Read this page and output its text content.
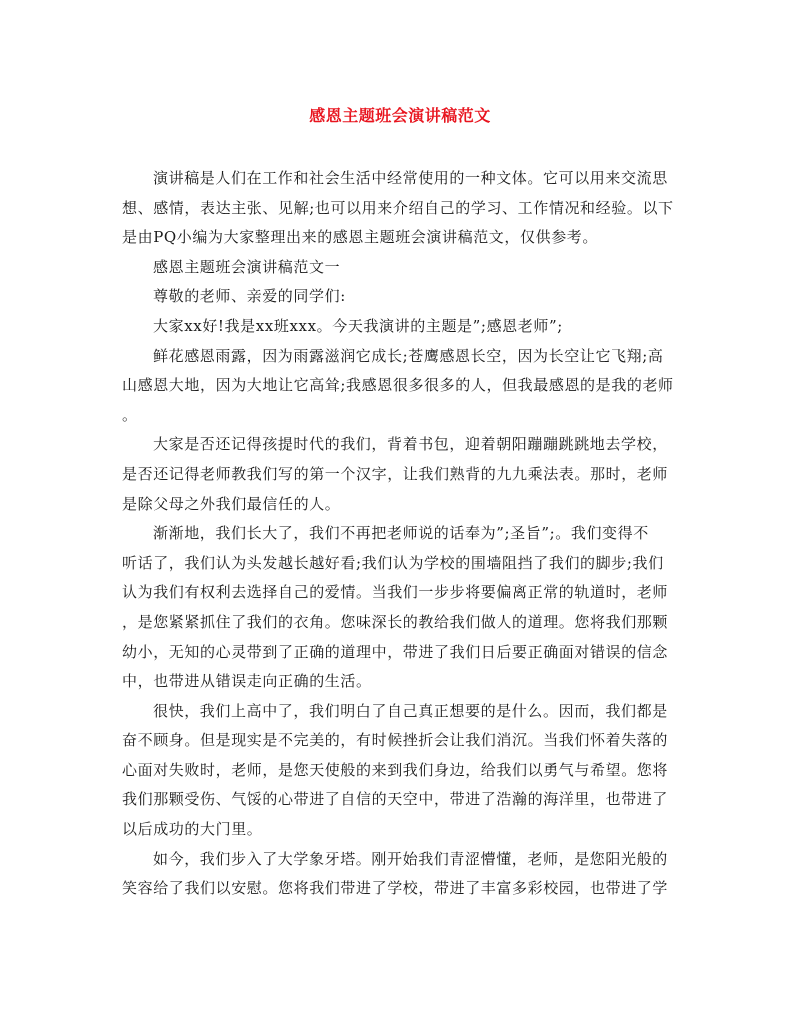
感恩主题班会演讲稿范文
演讲稿是人们在工作和社会生活中经常使用的一种文体。它可以用来交流思
想、感情，表达主张、见解;也可以用来介绍自己的学习、工作情况和经验。以下
是由PQ小编为大家整理出来的感恩主题班会演讲稿范文，仅供参考。
感恩主题班会演讲稿范文一
尊敬的老师、亲爱的同学们:
大家xx好!我是xx班xxx。今天我演讲的主题是”;感恩老师”;
鲜花感恩雨露，因为雨露滋润它成长;苍鹰感恩长空，因为长空让它飞翔;高
山感恩大地，因为大地让它高耸;我感恩很多很多的人，但我最感恩的是我的老师
。
大家是否还记得孩提时代的我们，背着书包，迎着朝阳蹦蹦跳跳地去学校，
是否还记得老师教我们写的第一个汉字，让我们熟背的九九乘法表。那时，老师
是除父母之外我们最信任的人。
渐渐地，我们长大了，我们不再把老师说的话奉为”;圣旨”;。我们变得不
听话了，我们认为头发越长越好看;我们认为学校的围墙阻挡了我们的脚步;我们
认为我们有权利去选择自己的爱情。当我们一步步将要偏离正常的轨道时，老师
，是您紧紧抓住了我们的衣角。您味深长的教给我们做人的道理。您将我们那颗
幼小，无知的心灵带到了正确的道理中，带进了我们日后要正确面对错误的信念
中，也带进从错误走向正确的生活。
很快，我们上高中了，我们明白了自己真正想要的是什么。因而，我们都是
奋不顾身。但是现实是不完美的，有时候挫折会让我们消沉。当我们怀着失落的
心面对失败时，老师，是您天使般的来到我们身边，给我们以勇气与希望。您将
我们那颗受伤、气馁的心带进了自信的天空中，带进了浩瀚的海洋里，也带进了
以后成功的大门里。
如今，我们步入了大学象牙塔。刚开始我们青涩懵懂，老师，是您阳光般的
笑容给了我们以安慰。您将我们带进了学校，带进了丰富多彩校园，也带进了学
